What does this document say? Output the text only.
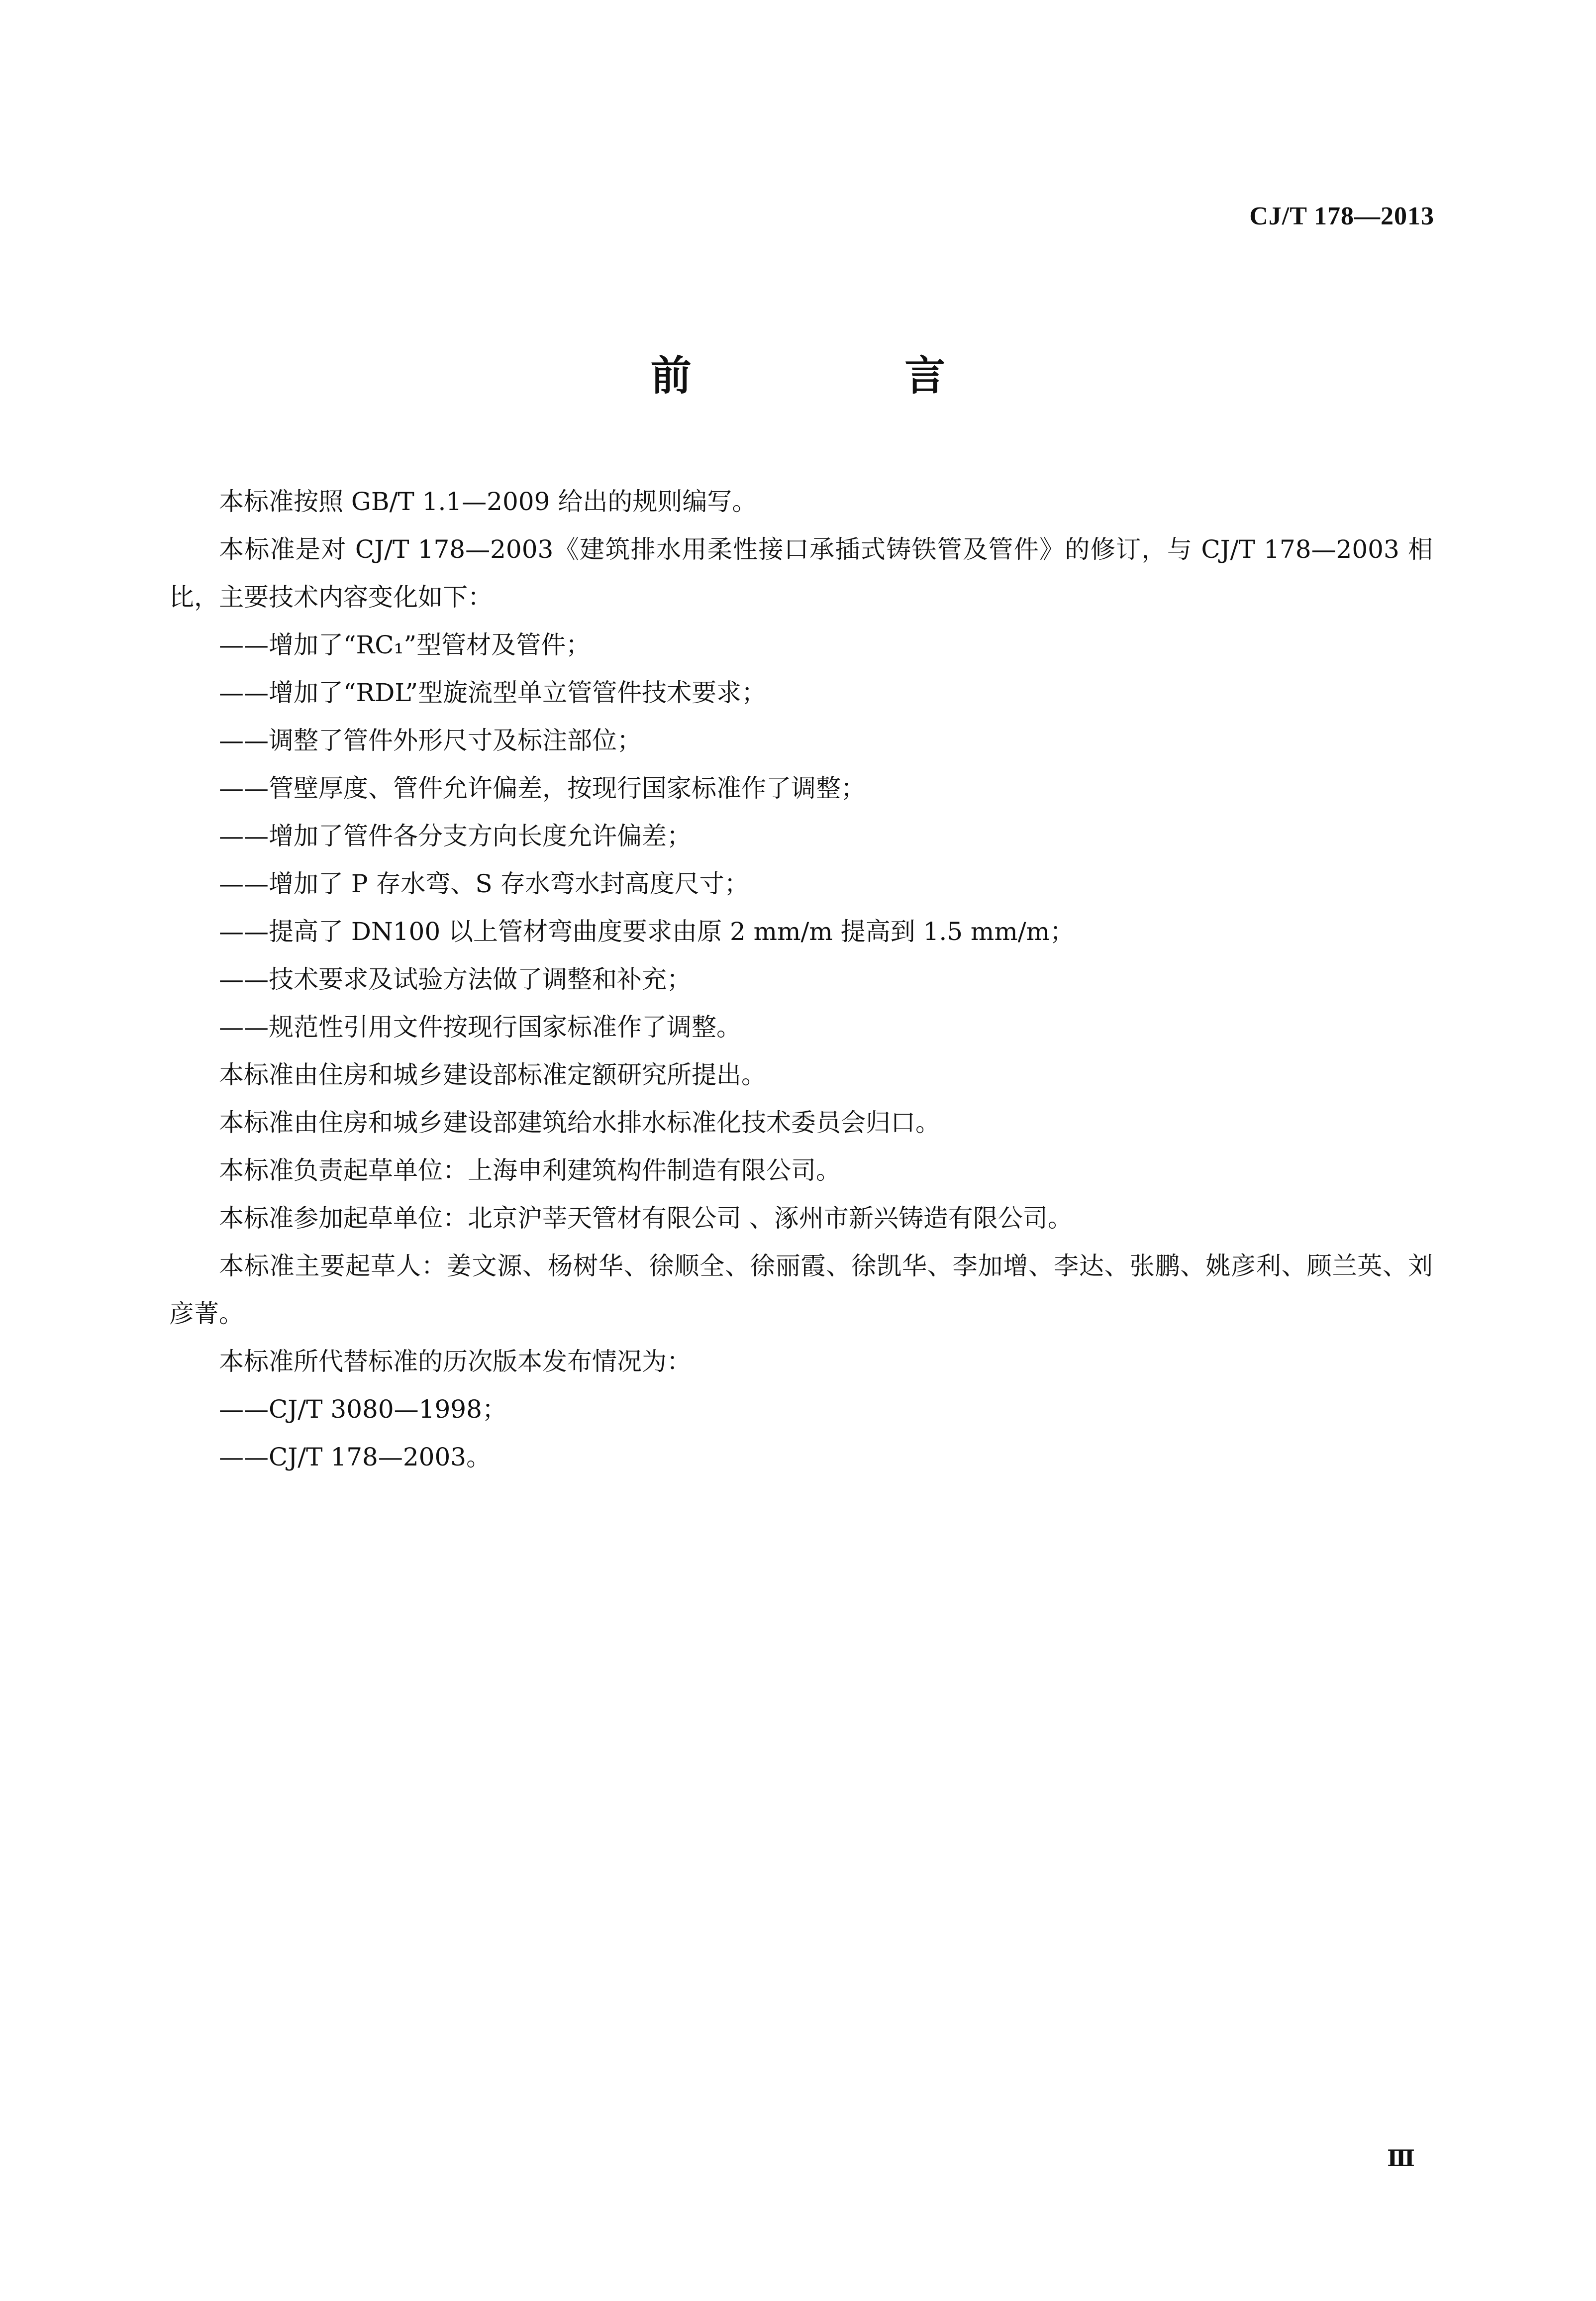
CJ/T 178—2013
前 言

本标准按照 GB/T 1.1—2009 给出的规则编写。

本标准是对 CJ/T 178—2003《建筑排水用柔性接口承插式铸铁管及管件》的修订，与 CJ/T 178—2003 相比，主要技术内容变化如下：

——增加了“RC₁”型管材及管件；

——增加了“RDL”型旋流型单立管管件技术要求；

——调整了管件外形尺寸及标注部位；

——管壁厚度、管件允许偏差，按现行国家标准作了调整；

——增加了管件各分支方向长度允许偏差；

——增加了 P 存水弯、S 存水弯水封高度尺寸；

——提高了 DN100 以上管材弯曲度要求由原 2 mm/m 提高到 1.5 mm/m；

——技术要求及试验方法做了调整和补充；

——规范性引用文件按现行国家标准作了调整。

本标准由住房和城乡建设部标准定额研究所提出。

本标准由住房和城乡建设部建筑给水排水标准化技术委员会归口。

本标准负责起草单位：上海申利建筑构件制造有限公司。

本标准参加起草单位：北京沪莘天管材有限公司 、涿州市新兴铸造有限公司。

本标准主要起草人：姜文源、杨树华、徐顺全、徐丽霞、徐凯华、李加增、李达、张鹏、姚彦利、顾兰英、刘彦菁。

本标准所代替标准的历次版本发布情况为：

——CJ/T 3080—1998；

——CJ/T 178—2003。

Ⅲ
